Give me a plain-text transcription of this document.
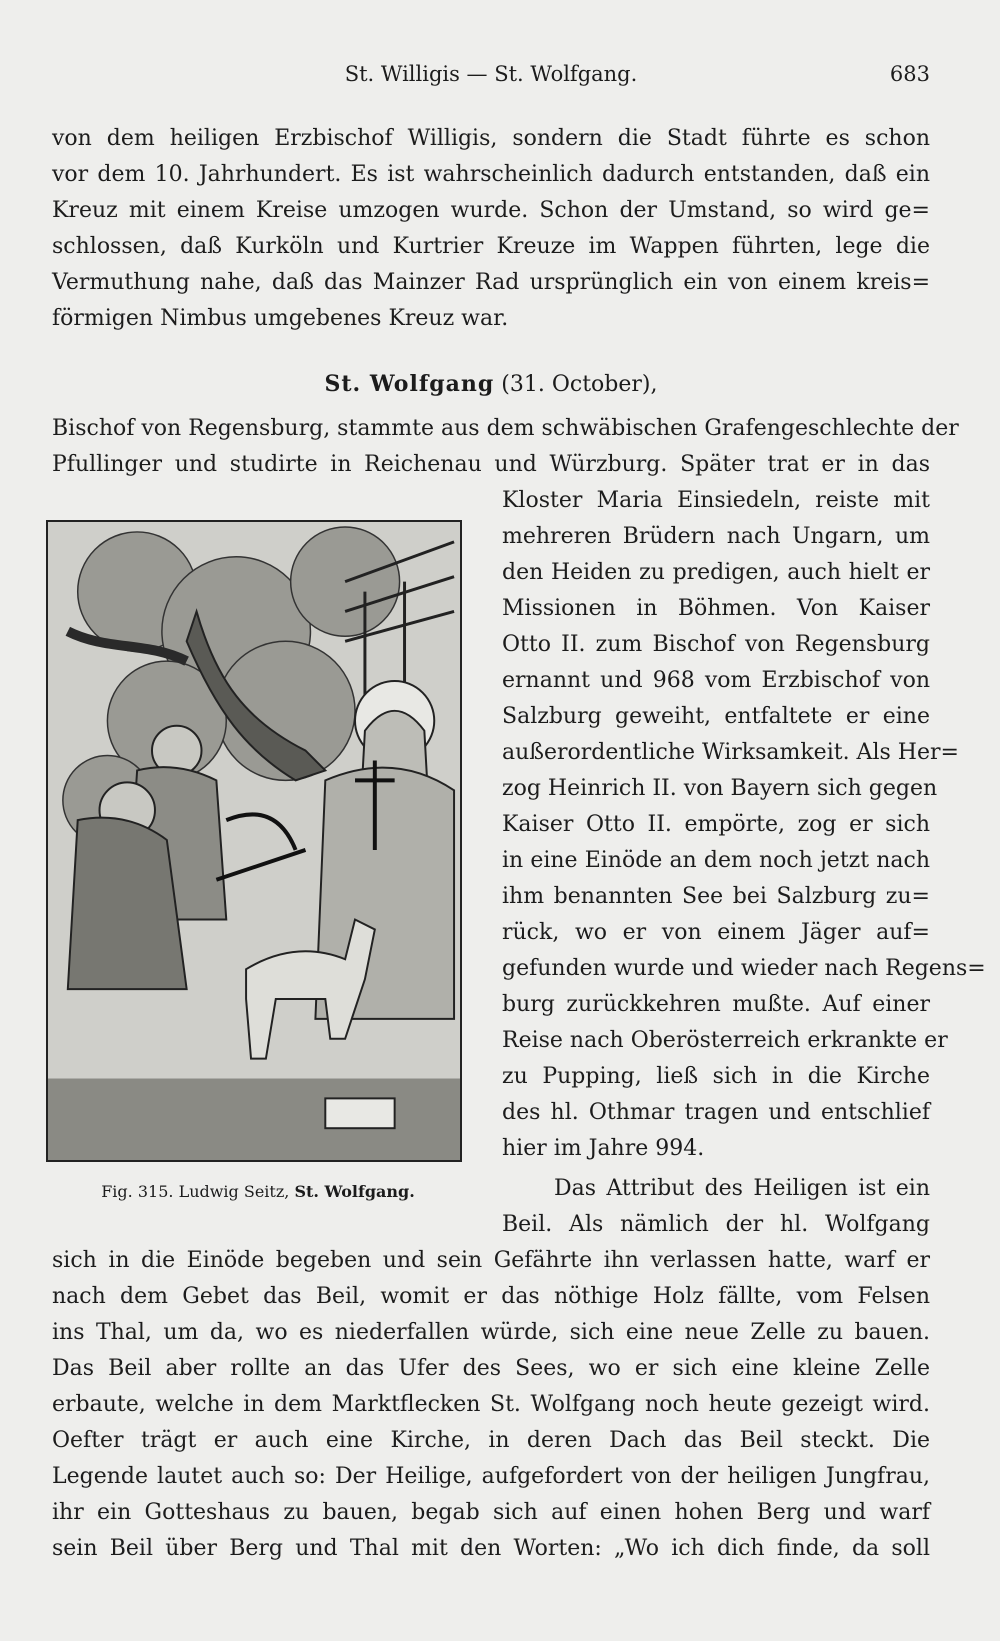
St. Willigis — St. Wolfgang.	683
von dem heiligen Erzbischof Willigis, sondern die Stadt führte es schon
vor dem 10. Jahrhundert. Es ist wahrscheinlich dadurch entstanden, daß ein
Kreuz mit einem Kreise umzogen wurde. Schon der Umstand, so wird ge=
schlossen, daß Kurköln und Kurtrier Kreuze im Wappen führten, lege die
Vermuthung nahe, daß das Mainzer Rad ursprünglich ein von einem kreis=
förmigen Nimbus umgebenes Kreuz war.
St. Wolfgang (31. October),
Bischof von Regensburg, stammte aus dem schwäbischen Grafengeschlechte der
Pfullinger und studirte in Reichenau und Würzburg. Später trat er in das
Fig. 315. Ludwig Seitz, St. Wolfgang.
Kloster Maria Einsiedeln, reiste mit
mehreren Brüdern nach Ungarn, um
den Heiden zu predigen, auch hielt er
Missionen in Böhmen. Von Kaiser
Otto II. zum Bischof von Regensburg
ernannt und 968 vom Erzbischof von
Salzburg geweiht, entfaltete er eine
außerordentliche Wirksamkeit. Als Her=
zog Heinrich II. von Bayern sich gegen
Kaiser Otto II. empörte, zog er sich
in eine Einöde an dem noch jetzt nach
ihm benannten See bei Salzburg zu=
rück, wo er von einem Jäger auf=
gefunden wurde und wieder nach Regens=
burg zurückkehren mußte. Auf einer
Reise nach Oberösterreich erkrankte er
zu Pupping, ließ sich in die Kirche
des hl. Othmar tragen und entschlief
hier im Jahre 994.
Das Attribut des Heiligen ist ein
Beil. Als nämlich der hl. Wolfgang
sich in die Einöde begeben und sein Gefährte ihn verlassen hatte, warf er
nach dem Gebet das Beil, womit er das nöthige Holz fällte, vom Felsen
ins Thal, um da, wo es niederfallen würde, sich eine neue Zelle zu bauen.
Das Beil aber rollte an das Ufer des Sees, wo er sich eine kleine Zelle
erbaute, welche in dem Marktflecken St. Wolfgang noch heute gezeigt wird.
Oefter trägt er auch eine Kirche, in deren Dach das Beil steckt. Die
Legende lautet auch so: Der Heilige, aufgefordert von der heiligen Jungfrau,
ihr ein Gotteshaus zu bauen, begab sich auf einen hohen Berg und warf
sein Beil über Berg und Thal mit den Worten: „Wo ich dich finde, da soll
